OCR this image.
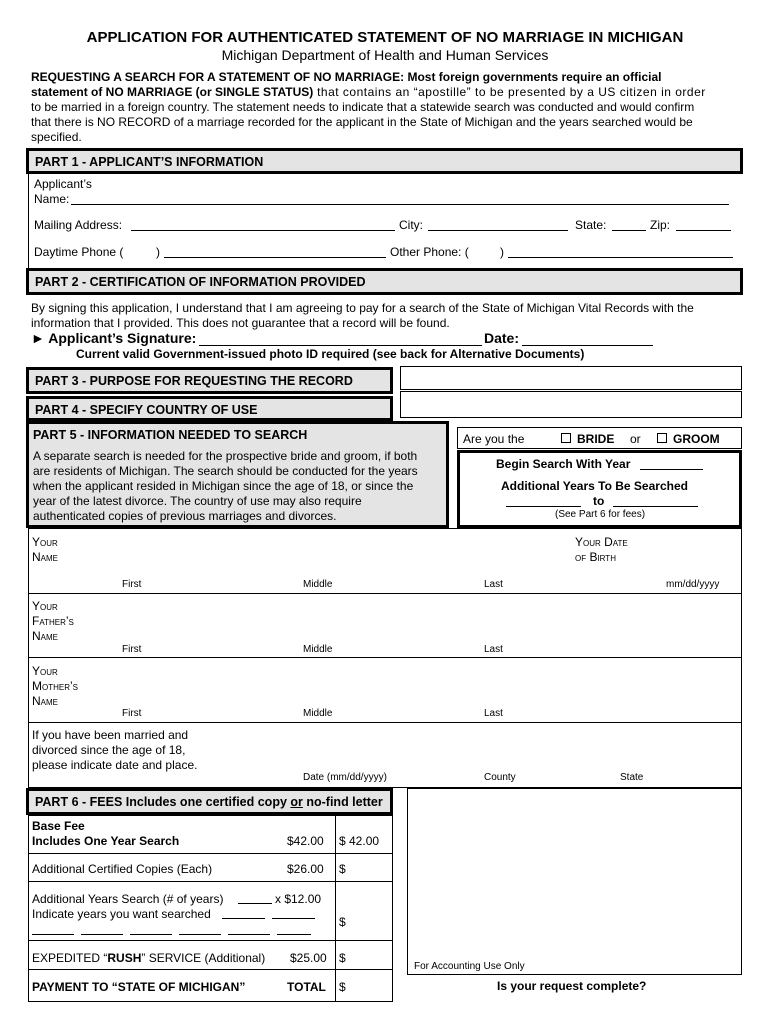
APPLICATION FOR AUTHENTICATED STATEMENT OF NO MARRIAGE IN MICHIGAN
Michigan Department of Health and Human Services
REQUESTING A SEARCH FOR A STATEMENT OF NO MARRIAGE: Most foreign governments require an official
statement of NO MARRIAGE (or SINGLE STATUS) that contains an “apostille” to be presented by a US citizen in order
to be married in a foreign country. The statement needs to indicate that a statewide search was conducted and would confirm
that there is NO RECORD of a marriage recorded for the applicant in the State of Michigan and the years searched would be
specified.
PART 1 - APPLICANT’S INFORMATION
Applicant’s
Name:
Mailing Address:	City:	State:	Zip:
Daytime Phone (	)	Other Phone: (	)
PART 2 - CERTIFICATION OF INFORMATION PROVIDED
By signing this application, I understand that I am agreeing to pay for a search of the State of Michigan Vital Records with the
information that I provided. This does not guarantee that a record will be found.
► Applicant’s Signature:	Date:
Current valid Government-issued photo ID required (see back for Alternative Documents)
PART 3 - PURPOSE FOR REQUESTING THE RECORD
PART 4 - SPECIFY COUNTRY OF USE
PART 5 - INFORMATION NEEDED TO SEARCH
A separate search is needed for the prospective bride and groom, if both
are residents of Michigan. The search should be conducted for the years
when the applicant resided in Michigan since the age of 18, or since the
year of the latest divorce. The country of use may also require
authenticated copies of previous marriages and divorces.
Are you the	BRIDE or	GROOM
Begin Search With Year
Additional Years To Be Searched
to
(See Part 6 for fees)
Your
Name
Your Date
of Birth
First	Middle	Last	mm/dd/yyyy
Your
Father’s
Name
First	Middle	Last
Your
Mother’s
Name
First	Middle	Last
If you have been married and
divorced since the age of 18,
please indicate date and place.
Date (mm/dd/yyyy)	County	State
PART 6 - FEES Includes one certified copy or no-find letter
Base Fee
Includes One Year Search	$42.00 $ 42.00
Additional Certified Copies (Each)	$26.00 $
Additional Years Search (# of years)	x $12.00
Indicate years you want searched
$
EXPEDITED “RUSH” SERVICE (Additional) $25.00 $
PAYMENT TO “STATE OF MICHIGAN”	TOTAL $
For Accounting Use Only
Is your request complete?
